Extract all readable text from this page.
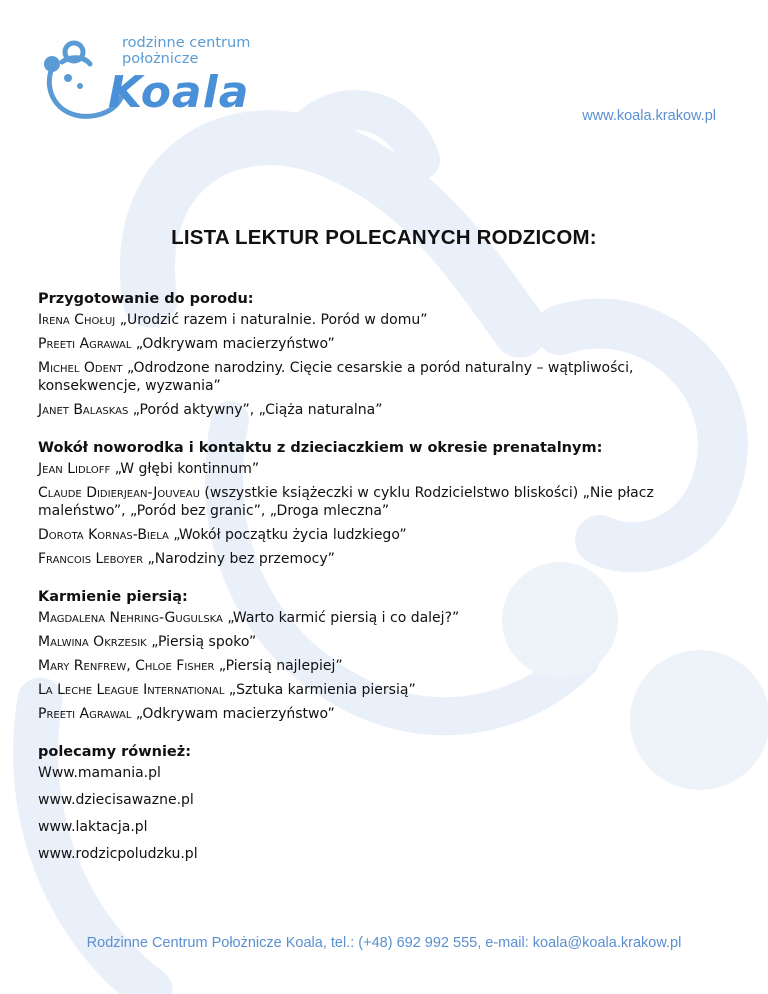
rodzinne centrum
położnicze
Koala	www.koala.krakow.pl
LISTA LEKTUR POLECANYCH RODZICOM:
Przygotowanie do porodu:
Irena Chołuj „Urodzić razem i naturalnie. Poród w domu”
Preeti Agrawal „Odkrywam macierzyństwo”
Michel Odent „Odrodzone narodziny. Cięcie cesarskie a poród naturalny – wątpliwości, konsekwencje, wyzwania”
Janet Balaskas „Poród aktywny”, „Ciąża naturalna”
Wokół noworodka i kontaktu z dzieciaczkiem w okresie prenatalnym:
Jean Lidloff „W głębi kontinnum”
Claude Didierjean-Jouveau (wszystkie książeczki w cyklu Rodzicielstwo bliskości) „Nie płacz maleństwo”, „Poród bez granic”, „Droga mleczna”
Dorota Kornas-Biela „Wokół początku życia ludzkiego”
Francois Leboyer „Narodziny bez przemocy”
Karmienie piersią:
Magdalena Nehring-Gugulska „Warto karmić piersią i co dalej?”
Malwina Okrzesik „Piersią spoko”
Mary Renfrew, Chloe Fisher „Piersią najlepiej”
La Leche League International „Sztuka karmienia piersią”
Preeti Agrawal „Odkrywam macierzyństwo”
polecamy również:
Www.mamania.pl
www.dziecisawazne.pl
www.laktacja.pl
www.rodzicpoludzku.pl
Rodzinne Centrum Położnicze Koala, tel.: (+48) 692 992 555, e-mail: koala@koala.krakow.pl
